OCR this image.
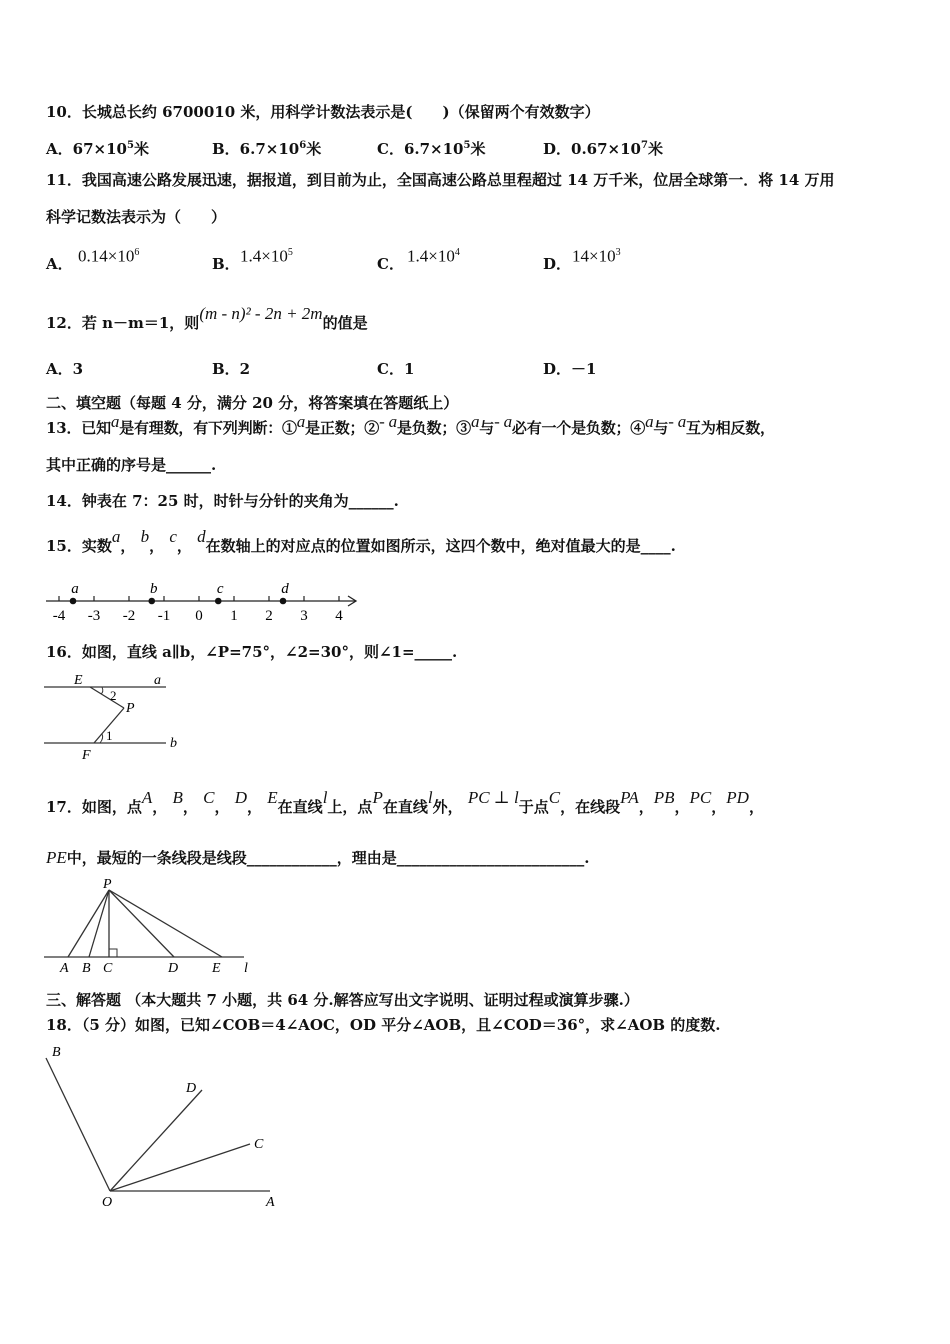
10．长城总长约 6700010 米，用科学计数法表示是(　　)（保留两个有效数字）
A．$67\times 10^5$米	B．$6.7\times 10^6$米	C．$6.7\times 10^5$米	D．$0.67\times 10^7$米
11．我国高速公路发展迅速，据报道，到目前为止，全国高速公路总里程超过 14 万千米，位居全球第一．将 14 万用
科学记数法表示为（　　）
A． $0.14\times 10^6$
B． $1.4\times 10^5$
C． $1.4\times 10^4$
D． $14\times 10^3$
12．若 n－m＝1，则(m - n)² - 2n + 2m的值是
A．3	B．2	C．1	D．－1
二、填空题（每题 4 分，满分 20 分，将答案填在答题纸上）
13．已知a是有理数，有下列判断：①a是正数；②- a是负数；③a与- a必有一个是负数；④a与- a互为相反数，
其中正确的序号是______.
14．钟表在 7：25 时，时针与分针的夹角为______.
15．实数a， b， c， d在数轴上的对应点的位置如图所示，这四个数中，绝对值最大的是____.
-4 -3 -2 -1 0 1 2 3 4
a	b	c	d
16．如图，直线 a∥b，∠P=75°，∠2=30°，则∠1=_____.
E	a
2
P
1
b
F
17．如图，点A， B， C， D， E在直线l上，点P在直线l外， PC ⊥ l于点C，在线段PA，PB，PC，PD，
PE中，最短的一条线段是线段____________，理由是_________________________.
P
A B C	D E l
三、解答题 （本大题共 7 小题，共 64 分.解答应写出文字说明、证明过程或演算步骤.）
18．（5 分）如图，已知∠COB＝4∠AOC，OD 平分∠AOB，且∠COD＝36°，求∠AOB 的度数.
B
D
C
O	A
